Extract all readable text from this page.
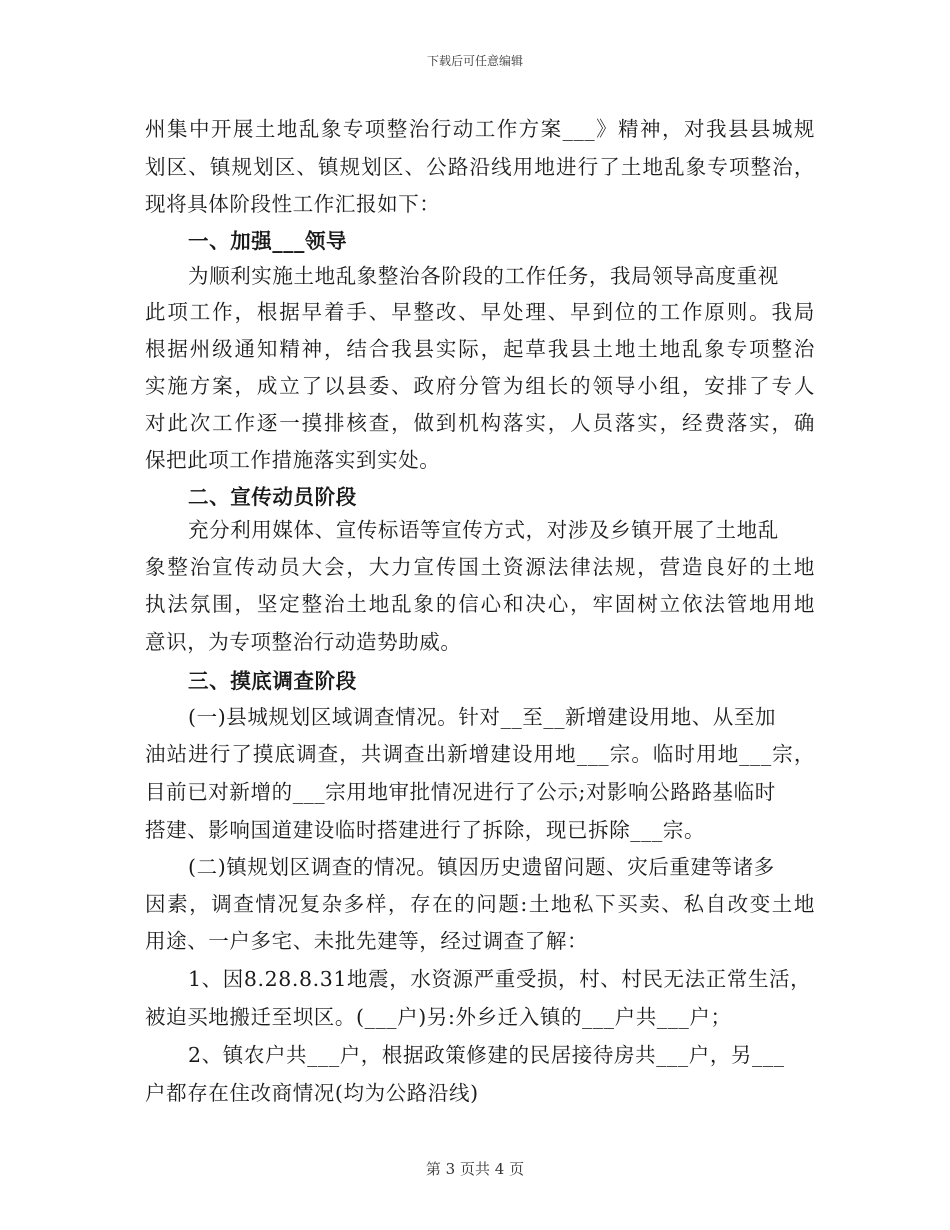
下载后可任意编辑
州集中开展土地乱象专项整治行动工作方案___》精神，对我县县城规
划区、镇规划区、镇规划区、公路沿线用地进行了土地乱象专项整治，
现将具体阶段性工作汇报如下：
一、加强___领导
为顺利实施土地乱象整治各阶段的工作任务，我局领导高度重视
此项工作，根据早着手、早整改、早处理、早到位的工作原则。我局
根据州级通知精神，结合我县实际，起草我县土地土地乱象专项整治
实施方案，成立了以县委、政府分管为组长的领导小组，安排了专人
对此次工作逐一摸排核查，做到机构落实，人员落实，经费落实，确
保把此项工作措施落实到实处。
二、宣传动员阶段
充分利用媒体、宣传标语等宣传方式，对涉及乡镇开展了土地乱
象整治宣传动员大会，大力宣传国土资源法律法规，营造良好的土地
执法氛围，坚定整治土地乱象的信心和决心，牢固树立依法管地用地
意识，为专项整治行动造势助威。
三、摸底调查阶段
(一)县城规划区域调查情况。针对__至__新增建设用地、从至加
油站进行了摸底调查，共调查出新增建设用地___宗。临时用地___宗，
目前已对新增的___宗用地审批情况进行了公示;对影响公路路基临时
搭建、影响国道建设临时搭建进行了拆除，现已拆除___宗。
(二)镇规划区调查的情况。镇因历史遗留问题、灾后重建等诸多
因素，调查情况复杂多样，存在的问题:土地私下买卖、私自改变土地
用途、一户多宅、未批先建等，经过调查了解：
1、因8.28.8.31地震，水资源严重受损，村、村民无法正常生活，
被迫买地搬迁至坝区。(___户)另:外乡迁入镇的___户共___户；
2、镇农户共___户，根据政策修建的民居接待房共___户，另___
户都存在住改商情况(均为公路沿线)
第 3 页共 4 页
